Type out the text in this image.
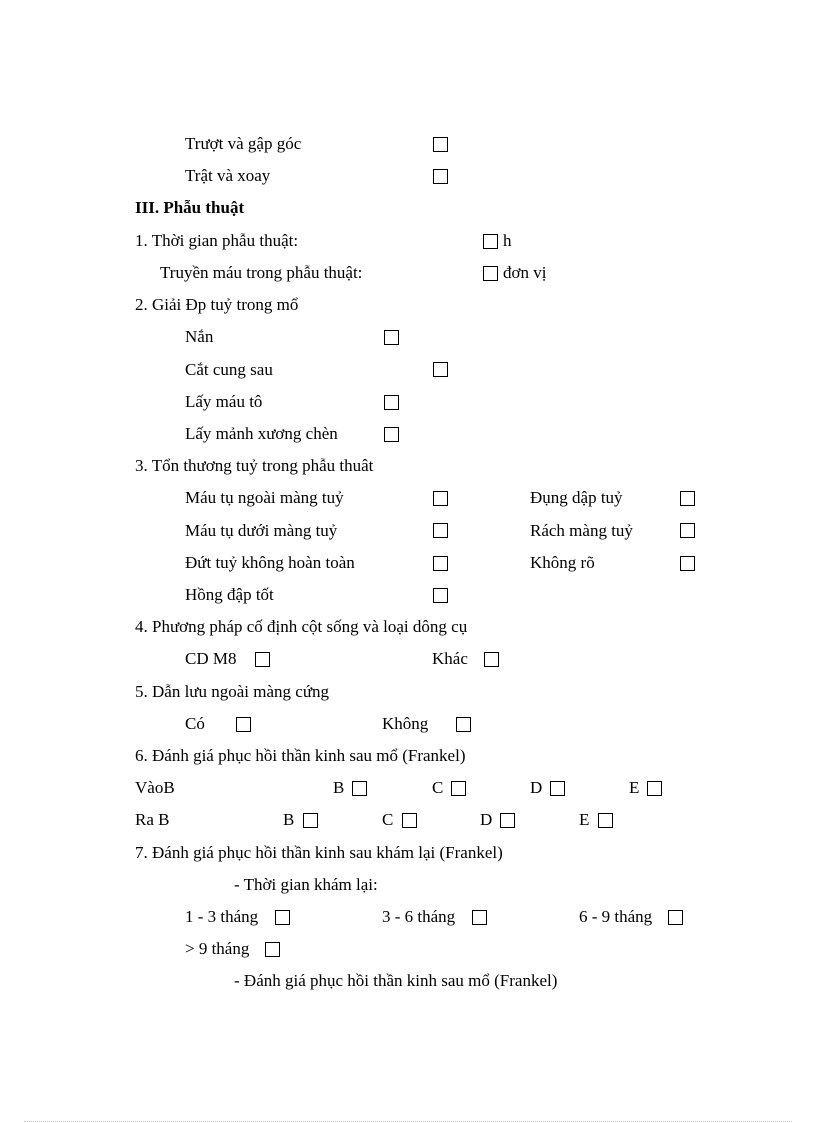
Trượt và gập góc
Trật và xoay
III. Phẫu thuật
1. Thời gian phẫu thuật:	h
Truyền máu trong phẫu thuật:	đơn vị
2. Giải Đp tuỷ trong mổ
Nắn
Cắt cung sau
Lấy máu tô
Lấy mảnh xương chèn
3. Tổn thương tuỷ trong phẫu thuât
Máu tụ ngoài màng tuỷ	Đụng dập tuỷ
Máu tụ dưới màng tuỷ	Rách màng tuỷ
Đứt tuỷ không hoàn toàn	Không rõ
Hồng đập tốt
4. Phương pháp cố định cột sống và loại dông cụ
CD M8	Khác
5. Dẫn lưu ngoài màng cứng
Có	Không
6. Đánh giá phục hồi thần kinh sau mổ (Frankel)
VàoB	B	C	D	E
Ra B	B	C	D	E
7. Đánh giá phục hồi thần kinh sau khám lại (Frankel)
- Thời gian khám lại:
1 - 3 tháng	3 - 6 tháng	6 - 9 tháng
> 9 tháng
- Đánh giá phục hồi thần kinh sau mổ (Frankel)
